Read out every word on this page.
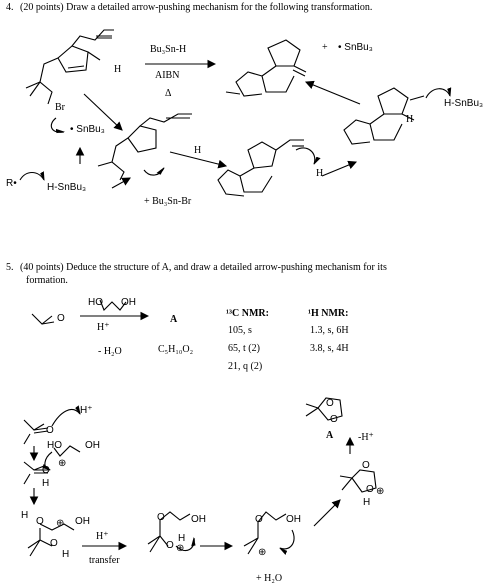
4. (20 points) Draw a detailed arrow-pushing mechanism for the following transformation.
Bu₃Sn-H
AIBN
Δ
+ • SnBu₃
H
Br
• SnBu₃
R•	H-SnBu₃
H
H
+ Bu₃Sn-Br
H
H-SnBu₃
5. (40 points) Deduce the structure of A, and draw a detailed arrow-pushing mechanism for its
formation.
HO OH
O
H⁺
- H₂O
A
C₅H₁₀O₂
¹³C NMR:
105, s
65, t (2)
21, q (2)
¹H NMR:
1.3, s, 6H
3.8, s, 4H
O
H⁺
HO OH
O
H
⊕
H
O ⊕ OH
O
H
H⁺
transfer
O	OH
O
H
⊕
O OH
⊕
+ H₂O
O
O ⊕
H
-H⁺
O
O
A
